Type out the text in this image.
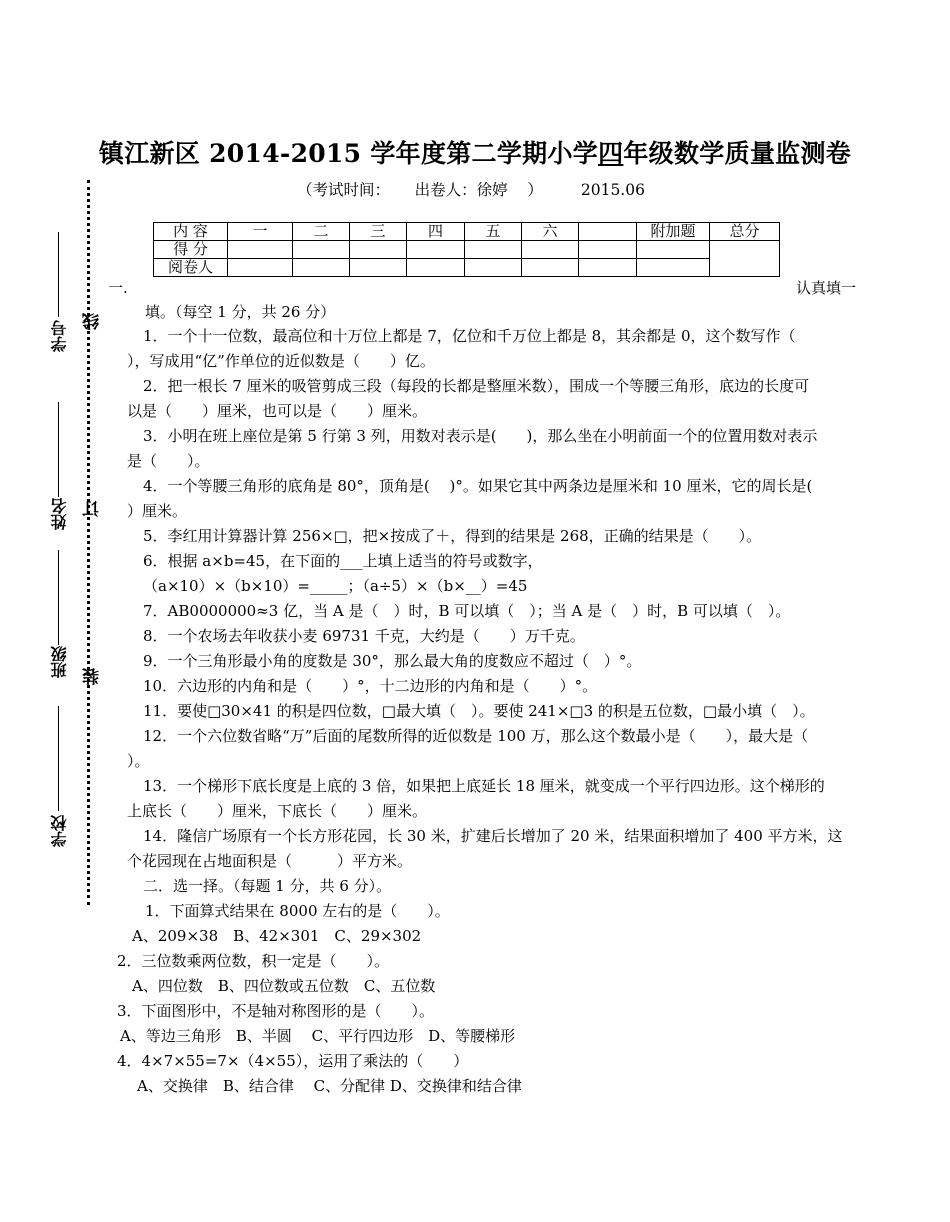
学号
姓名
班级
学校
线
订
装
镇江新区 2014-2015 学年度第二学期小学四年级数学质量监测卷
（考试时间：     出卷人：徐婷    ） 2015.06
内 容	一	二	三	四	五	六		附加题	总分
得 分									
阅卷人									
一.	认真填一
填。（每空 1 分，共 26 分）
1．一个十一位数，最高位和十万位上都是 7，亿位和千万位上都是 8，其余都是 0，这个数写作（
），写成用“亿”作单位的近似数是（　　）亿。
2．把一根长 7 厘米的吸管剪成三段（每段的长都是整厘米数），围成一个等腰三角形，底边的长度可
以是（　　）厘米，也可以是（　　）厘米。
3．小明在班上座位是第 5 行第 3 列，用数对表示是(　　)，那么坐在小明前面一个的位置用数对表示
是（　　）。
4．一个等腰三角形的底角是 80°，顶角是(　 )°。如果它其中两条边是厘米和 10 厘米，它的周长是(
）厘米。
5．李红用计算器计算 256×□，把×按成了＋，得到的结果是 268，正确的结果是（　　）。
6．根据 a×b=45，在下面的___上填上适当的符号或数字，
（a×10）×（b×10）=_____；（a÷5）×（b×__）=45
7．AB0000000≈3 亿，当 A 是（　）时，B 可以填（　）；当 A 是（　）时，B 可以填（　）。
8．一个农场去年收获小麦 69731 千克，大约是（　　）万千克。
9．一个三角形最小角的度数是 30°，那么最大角的度数应不超过（　）°。
10．六边形的内角和是（　　）°，十二边形的内角和是（　　）°。
11．要使□30×41 的积是四位数，□最大填（　）。要使 241×□3 的积是五位数，□最小填（　）。
12．一个六位数省略“万”后面的尾数所得的近似数是 100 万，那么这个数最小是（　　），最大是（
）。
13．一个梯形下底长度是上底的 3 倍，如果把上底延长 18 厘米，就变成一个平行四边形。这个梯形的
上底长（　　）厘米，下底长（　　）厘米。
14．隆信广场原有一个长方形花园，长 30 米，扩建后长增加了 20 米，结果面积增加了 400 平方米，这
个花园现在占地面积是（　　　）平方米。
二．选一择。（每题 1 分，共 6 分）。
1．下面算式结果在 8000 左右的是（　　）。
A、209×38　B、42×301　C、29×302
2．三位数乘两位数，积一定是（　　）。
A、四位数　B、四位数或五位数　C、五位数
3．下面图形中，不是轴对称图形的是（　　）。
A、等边三角形　B、半圆　 C、平行四边形　D、等腰梯形
4．4×7×55=7×（4×55），运用了乘法的（　　）
A、交换律　B、结合律　 C、分配律 D、交换律和结合律
